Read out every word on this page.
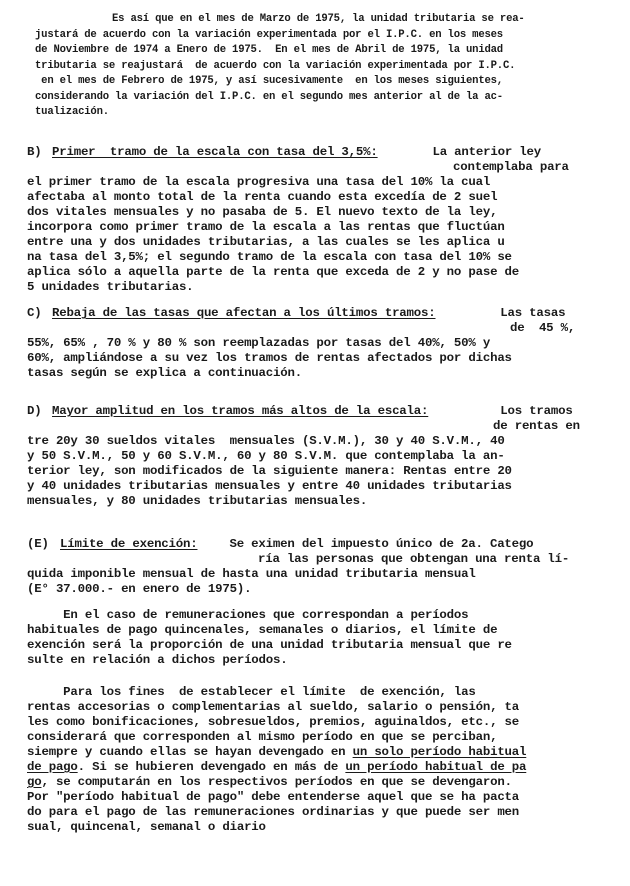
Es así que en el mes de Marzo de 1975, la unidad tributaria se rea-
justará de acuerdo con la variación experimentada por el I.P.C. en los meses
de Noviembre de 1974 a Enero de 1975.  En el mes de Abril de 1975, la unidad
tributaria se reajustará  de acuerdo con la variación experimentada por I.P.C.
en el mes de Febrero de 1975, y así sucesivamente  en los meses siguientes,
considerando la variación del I.P.C. en el segundo mes anterior al de la ac-
tualización.
B) Primer  tramo de la escala con tasa del 3,5%:	La anterior ley
contemplaba para
el primer tramo de la escala progresiva una tasa del 10% la cual
afectaba al monto total de la renta cuando esta excedía de 2 suel
dos vitales mensuales y no pasaba de 5. El nuevo texto de la ley,
incorpora como primer tramo de la escala a las rentas que fluctúan
entre una y dos unidades tributarias, a las cuales se les aplica u
na tasa del 3,5%; el segundo tramo de la escala con tasa del 10% se
aplica sólo a aquella parte de la renta que exceda de 2 y no pase de
5 unidades tributarias.
C) Rebaja de las tasas que afectan a los últimos tramos:	Las tasas
de  45 %,
55%, 65% , 70 % y 80 % son reemplazadas por tasas del 40%, 50% y
60%, ampliándose a su vez los tramos de rentas afectados por dichas
tasas según se explica a continuación.
D) Mayor amplitud en los tramos más altos de la escala:	Los tramos
de rentas en
tre 20y 30 sueldos vitales  mensuales (S.V.M.), 30 y 40 S.V.M., 40
y 50 S.V.M., 50 y 60 S.V.M., 60 y 80 S.V.M. que contemplaba la an-
terior ley, son modificados de la siguiente manera: Rentas entre 20
y 40 unidades tributarias mensuales y entre 40 unidades tributarias
mensuales, y 80 unidades tributarias mensuales.
(E) Límite de exención: Se eximen del impuesto único de 2a. Catego
ría las personas que obtengan una renta lí-
quida imponible mensual de hasta una unidad tributaria mensual
(E° 37.000.- en enero de 1975).
En el caso de remuneraciones que correspondan a períodos
habituales de pago quincenales, semanales o diarios, el límite de
exención será la proporción de una unidad tributaria mensual que re
sulte en relación a dichos períodos.
Para los fines  de establecer el límite  de exención, las
rentas accesorias o complementarias al sueldo, salario o pensión, ta
les como bonificaciones, sobresueldos, premios, aguinaldos, etc., se
considerará que corresponden al mismo período en que se perciban,
siempre y cuando ellas se hayan devengado en un solo período habitual
de pago. Si se hubieren devengado en más de un período habitual de pa
go, se computarán en los respectivos períodos en que se devengaron.
Por "período habitual de pago" debe entenderse aquel que se ha pacta
do para el pago de las remuneraciones ordinarias y que puede ser men
sual, quincenal, semanal o diario
